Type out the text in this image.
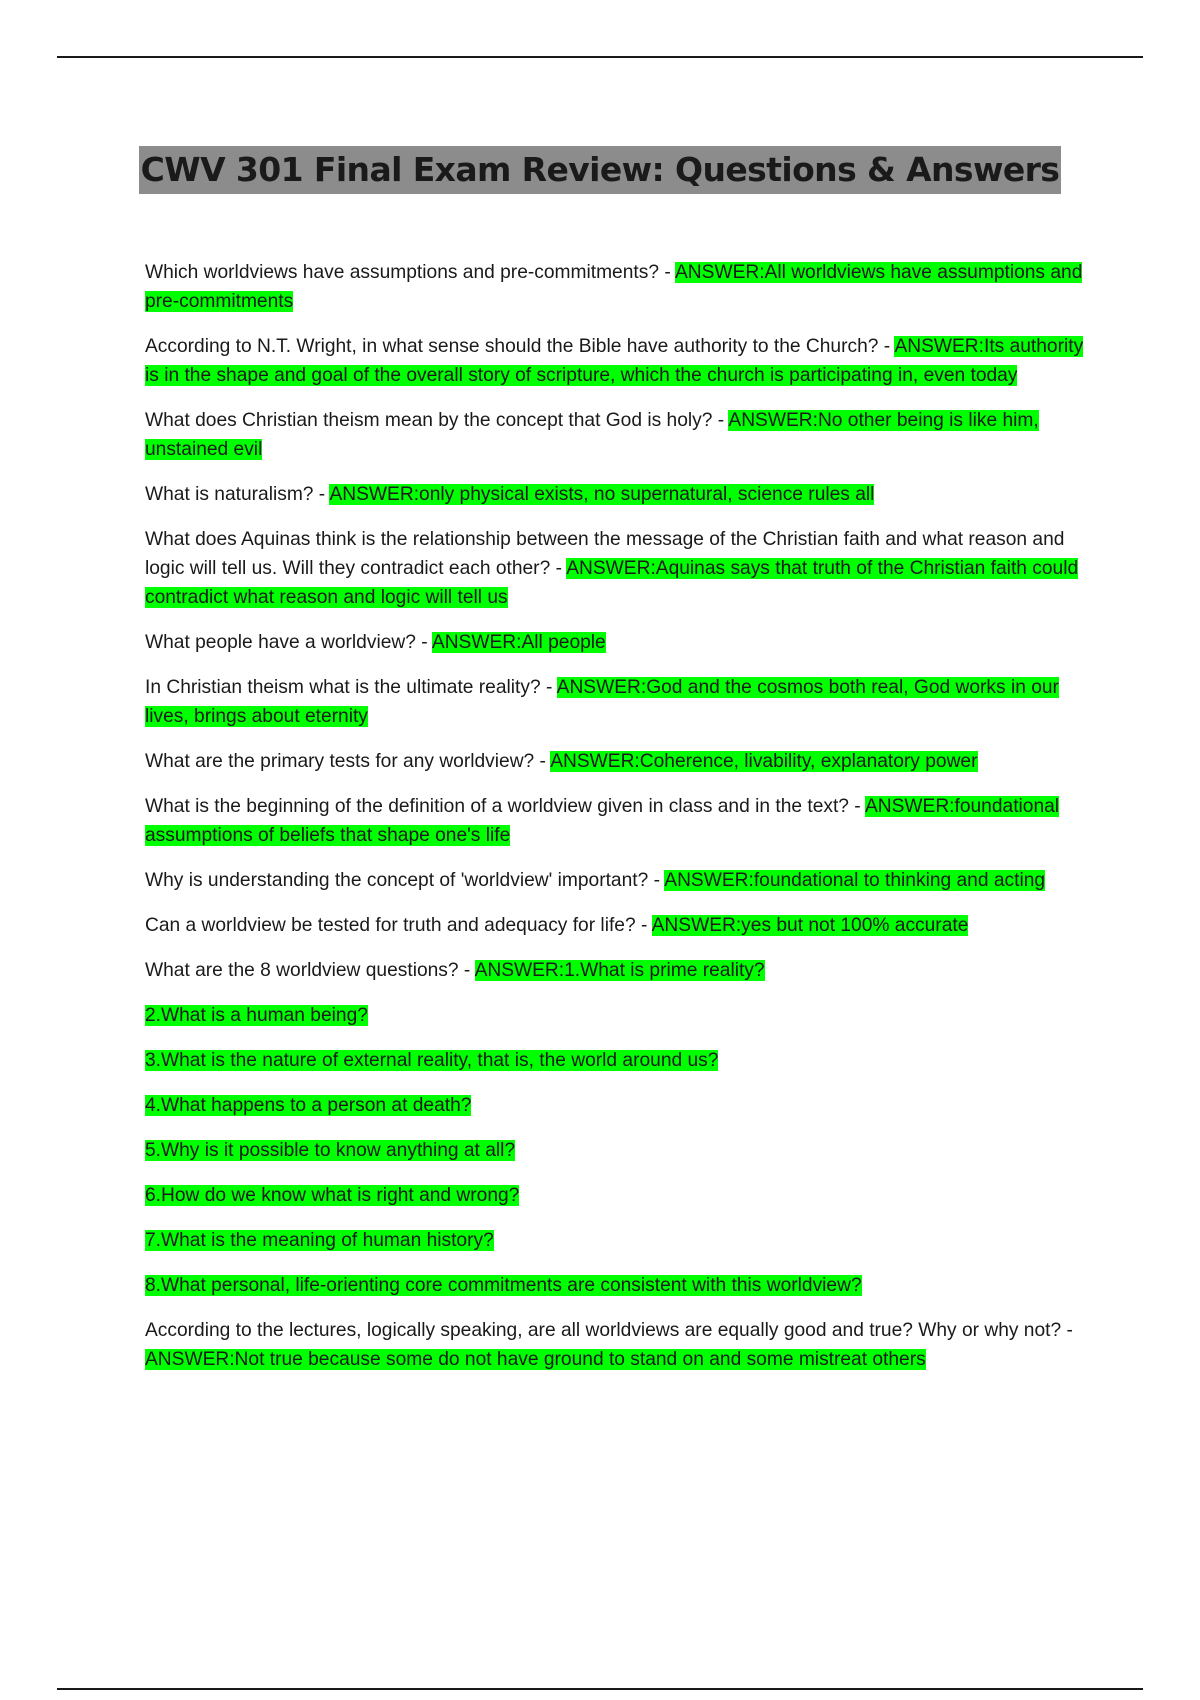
CWV 301 Final Exam Review: Questions & Answers
Which worldviews have assumptions and pre-commitments? - ANSWER:All worldviews have assumptions and pre-commitments
According to N.T. Wright, in what sense should the Bible have authority to the Church? - ANSWER:Its authority is in the shape and goal of the overall story of scripture, which the church is participating in, even today
What does Christian theism mean by the concept that God is holy? - ANSWER:No other being is like him, unstained evil
What is naturalism? - ANSWER:only physical exists, no supernatural, science rules all
What does Aquinas think is the relationship between the message of the Christian faith and what reason and logic will tell us. Will they contradict each other? - ANSWER:Aquinas says that truth of the Christian faith could contradict what reason and logic will tell us
What people have a worldview? - ANSWER:All people
In Christian theism what is the ultimate reality? - ANSWER:God and the cosmos both real, God works in our lives, brings about eternity
What are the primary tests for any worldview? - ANSWER:Coherence, livability, explanatory power
What is the beginning of the definition of a worldview given in class and in the text? - ANSWER:foundational assumptions of beliefs that shape one's life
Why is understanding the concept of 'worldview' important? - ANSWER:foundational to thinking and acting
Can a worldview be tested for truth and adequacy for life? - ANSWER:yes but not 100% accurate
What are the 8 worldview questions? - ANSWER:1.What is prime reality?
2.What is a human being?
3.What is the nature of external reality, that is, the world around us?
4.What happens to a person at death?
5.Why is it possible to know anything at all?
6.How do we know what is right and wrong?
7.What is the meaning of human history?
8.What personal, life-orienting core commitments are consistent with this worldview?
According to the lectures, logically speaking, are all worldviews are equally good and true? Why or why not? - ANSWER:Not true because some do not have ground to stand on and some mistreat others
